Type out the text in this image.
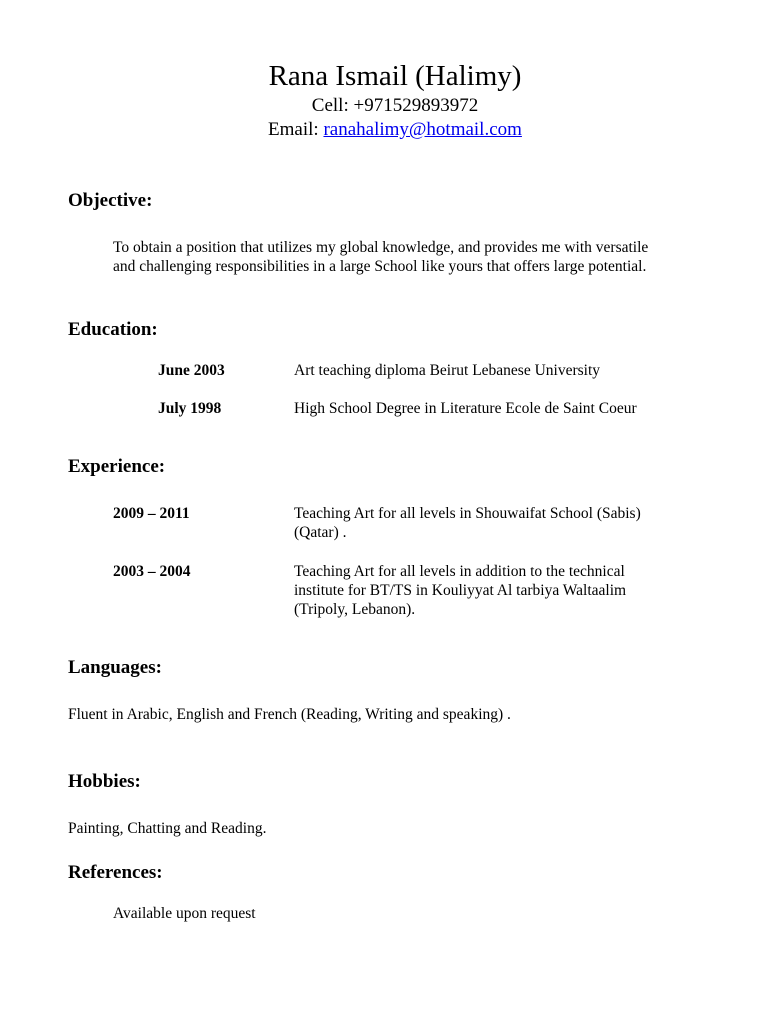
Rana Ismail (Halimy)
Cell: +971529893972
Email: ranahalimy@hotmail.com
Objective:
To obtain a position that utilizes my global knowledge, and provides me with versatile
and challenging responsibilities in a large School like yours that offers large potential.
Education:
June 2003	Art teaching diploma Beirut Lebanese University
July 1998	High School Degree in Literature Ecole de Saint Coeur
Experience:
2009 – 2011	Teaching Art for all levels in Shouwaifat School (Sabis) (Qatar) .
2003 – 2004	Teaching Art for all levels in addition to the technical institute for BT/TS in Kouliyyat Al tarbiya Waltaalim (Tripoly, Lebanon).
Languages:
Fluent in Arabic, English and French (Reading, Writing and speaking) .
Hobbies:
Painting, Chatting and Reading.
References:
Available upon request
